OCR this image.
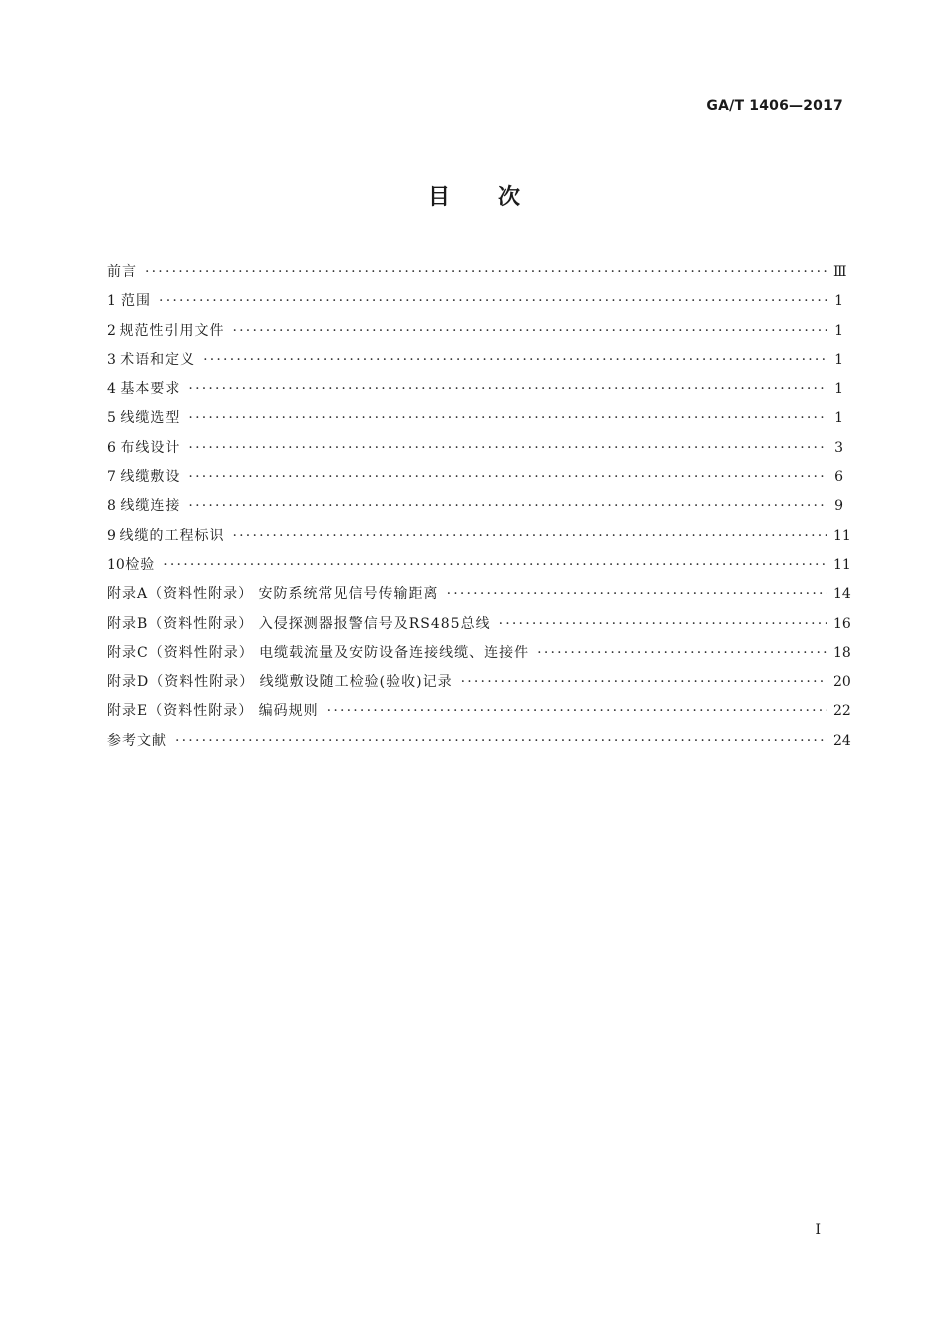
GA/T 1406—2017
目 次
前言 ·····	Ⅲ
1 范围 ·····	1
2 规范性引用文件 ·····	1
3 术语和定义 ·····	1
4 基本要求 ·····	1
5 线缆选型 ·····	1
6 布线设计 ·····	3
7 线缆敷设 ·····	6
8 线缆连接 ·····	9
9 线缆的工程标识 ·····	11
10 检验 ·····	11
附录A（资料性附录） 安防系统常见信号传输距离 ·····	14
附录B（资料性附录） 入侵探测器报警信号及RS485总线 ·····	16
附录C（资料性附录） 电缆载流量及安防设备连接线缆、连接件 ·····	18
附录D（资料性附录） 线缆敷设随工检验(验收)记录 ·····	20
附录E（资料性附录） 编码规则 ·····	22
参考文献 ·····	24
I
